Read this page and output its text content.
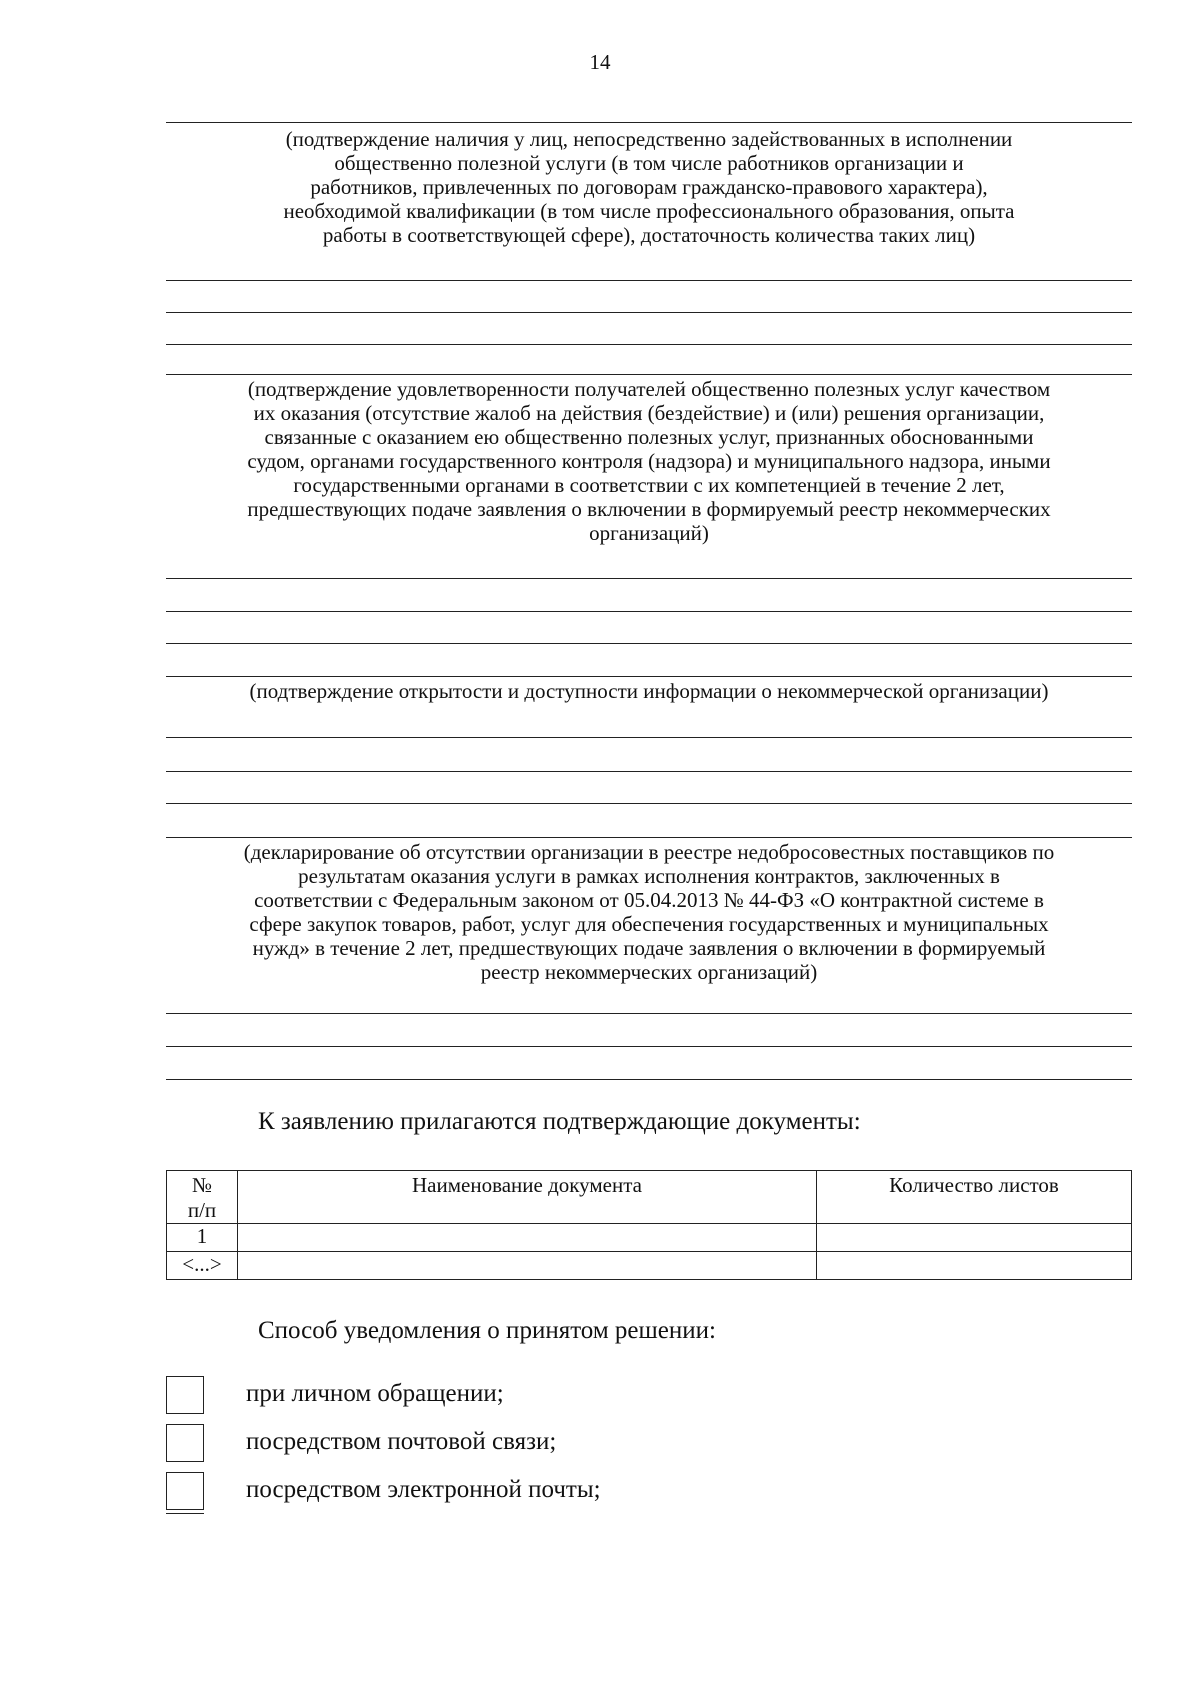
14
(подтверждение наличия у лиц, непосредственно задействованных в исполнении
общественно полезной услуги (в том числе работников организации и
работников, привлеченных по договорам гражданско-правового характера),
необходимой квалификации (в том числе профессионального образования, опыта
работы в соответствующей сфере), достаточность количества таких лиц)
(подтверждение удовлетворенности получателей общественно полезных услуг качеством
их оказания (отсутствие жалоб на действия (бездействие) и (или) решения организации,
связанные с оказанием ею общественно полезных услуг, признанных обоснованными
судом, органами государственного контроля (надзора) и муниципального надзора, иными
государственными органами в соответствии с их компетенцией в течение 2 лет,
предшествующих подаче заявления о включении в формируемый реестр некоммерческих
организаций)
(подтверждение открытости и доступности информации о некоммерческой организации)
(декларирование об отсутствии организации в реестре недобросовестных поставщиков по
результатам оказания услуги в рамках исполнения контрактов, заключенных в
соответствии с Федеральным законом от 05.04.2013 № 44-ФЗ «О контрактной системе в
сфере закупок товаров, работ, услуг для обеспечения государственных и муниципальных
нужд» в течение 2 лет, предшествующих подаче заявления о включении в формируемый
реестр некоммерческих организаций)
К заявлению прилагаются подтверждающие документы:
№ п/п	Наименование документа	Количество листов
1		
<...>		
Способ уведомления о принятом решении:
при личном обращении;
посредством почтовой связи;
посредством электронной почты;
